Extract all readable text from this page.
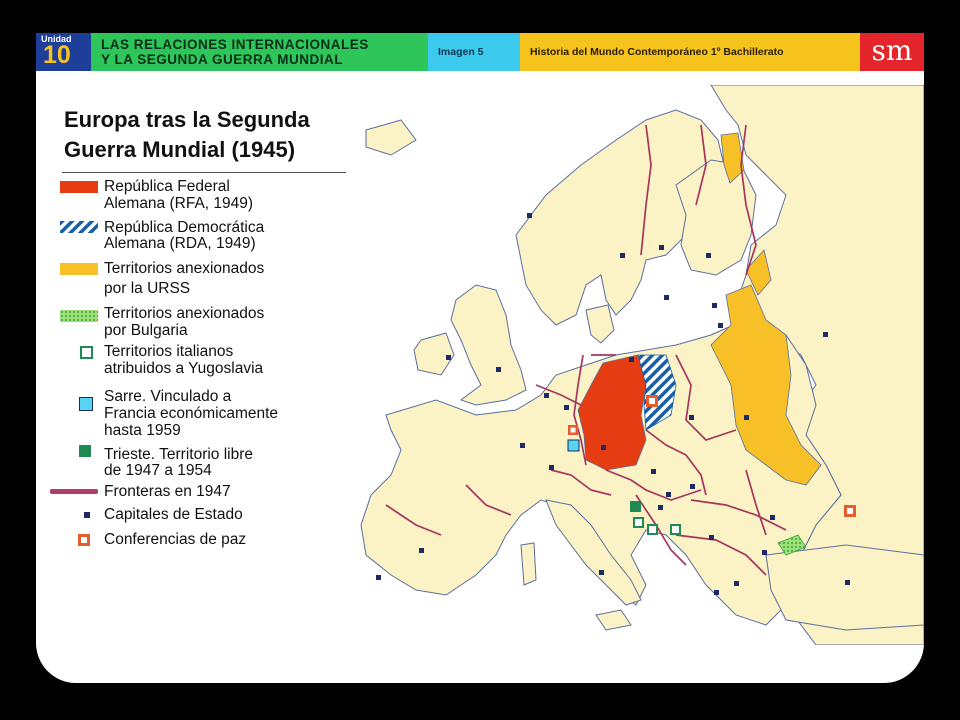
Unidad
10 LAS RELACIONES INTERNACIONALES
Y LA SEGUNDA GUERRA MUNDIAL	Imagen 5	Historia del Mundo Contemporáneo 1º Bachillerato	sm
Europa tras la Segunda
Guerra Mundial (1945)
República Federal
Alemana (RFA, 1949)
República Democrática
Alemana (RDA, 1949)
Territorios anexionados
por la URSS
Territorios anexionados
por Bulgaria
Territorios italianos
atribuidos a Yugoslavia
Sarre. Vinculado a
Francia económicamente
hasta 1959
Trieste. Territorio libre
de 1947 a 1954
Fronteras en 1947
Capitales de Estado
Conferencias de paz
